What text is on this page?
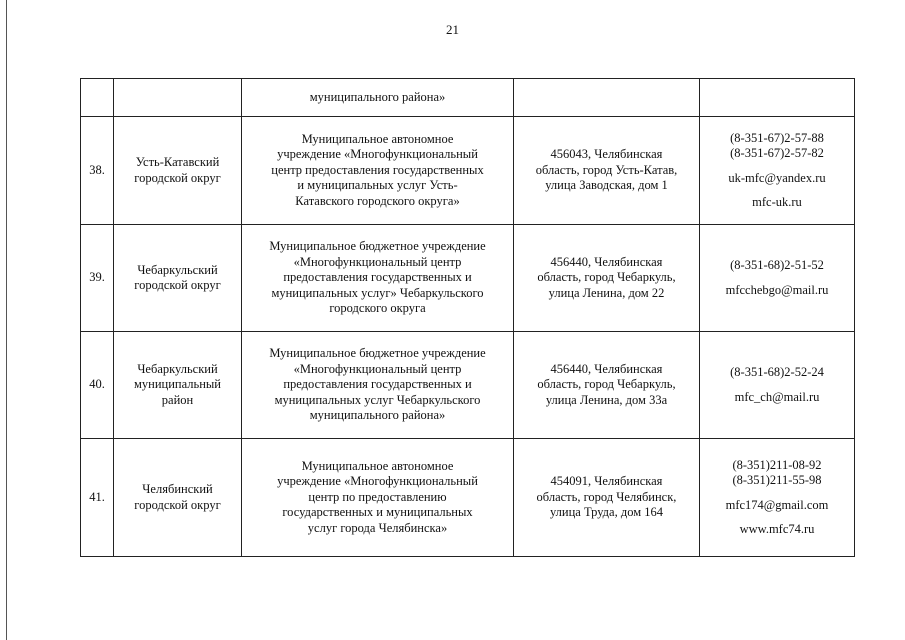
21
		муниципального района»		
38.	Усть-Катавский
городской округ	Муниципальное автономное
учреждение «Многофункциональный
центр предоставления государственных
и муниципальных услуг Усть-
Катавского городского округа»	456043, Челябинская
область, город Усть-Катав,
улица Заводская, дом 1	(8-351-67)2-57-88
(8-351-67)2-57-82
uk-mfc@yandex.ru
mfc-uk.ru

39.	Чебаркульский
городской округ	Муниципальное бюджетное учреждение
«Многофункциональный центр
предоставления государственных и
муниципальных услуг» Чебаркульского
городского округа	456440, Челябинская
область, город Чебаркуль,
улица Ленина, дом 22	(8-351-68)2-51-52
mfcchebgo@mail.ru

40.	Чебаркульский
муниципальный
район	Муниципальное бюджетное учреждение
«Многофункциональный центр
предоставления государственных и
муниципальных услуг Чебаркульского
муниципального района»	456440, Челябинская
область, город Чебаркуль,
улица Ленина, дом 33а	(8-351-68)2-52-24
mfc_ch@mail.ru

41.	Челябинский
городской округ	Муниципальное автономное
учреждение «Многофункциональный
центр по предоставлению
государственных и муниципальных
услуг города Челябинска»	454091, Челябинская
область, город Челябинск,
улица Труда, дом 164	(8-351)211-08-92
(8-351)211-55-98
mfc174@gmail.com
www.mfc74.ru
